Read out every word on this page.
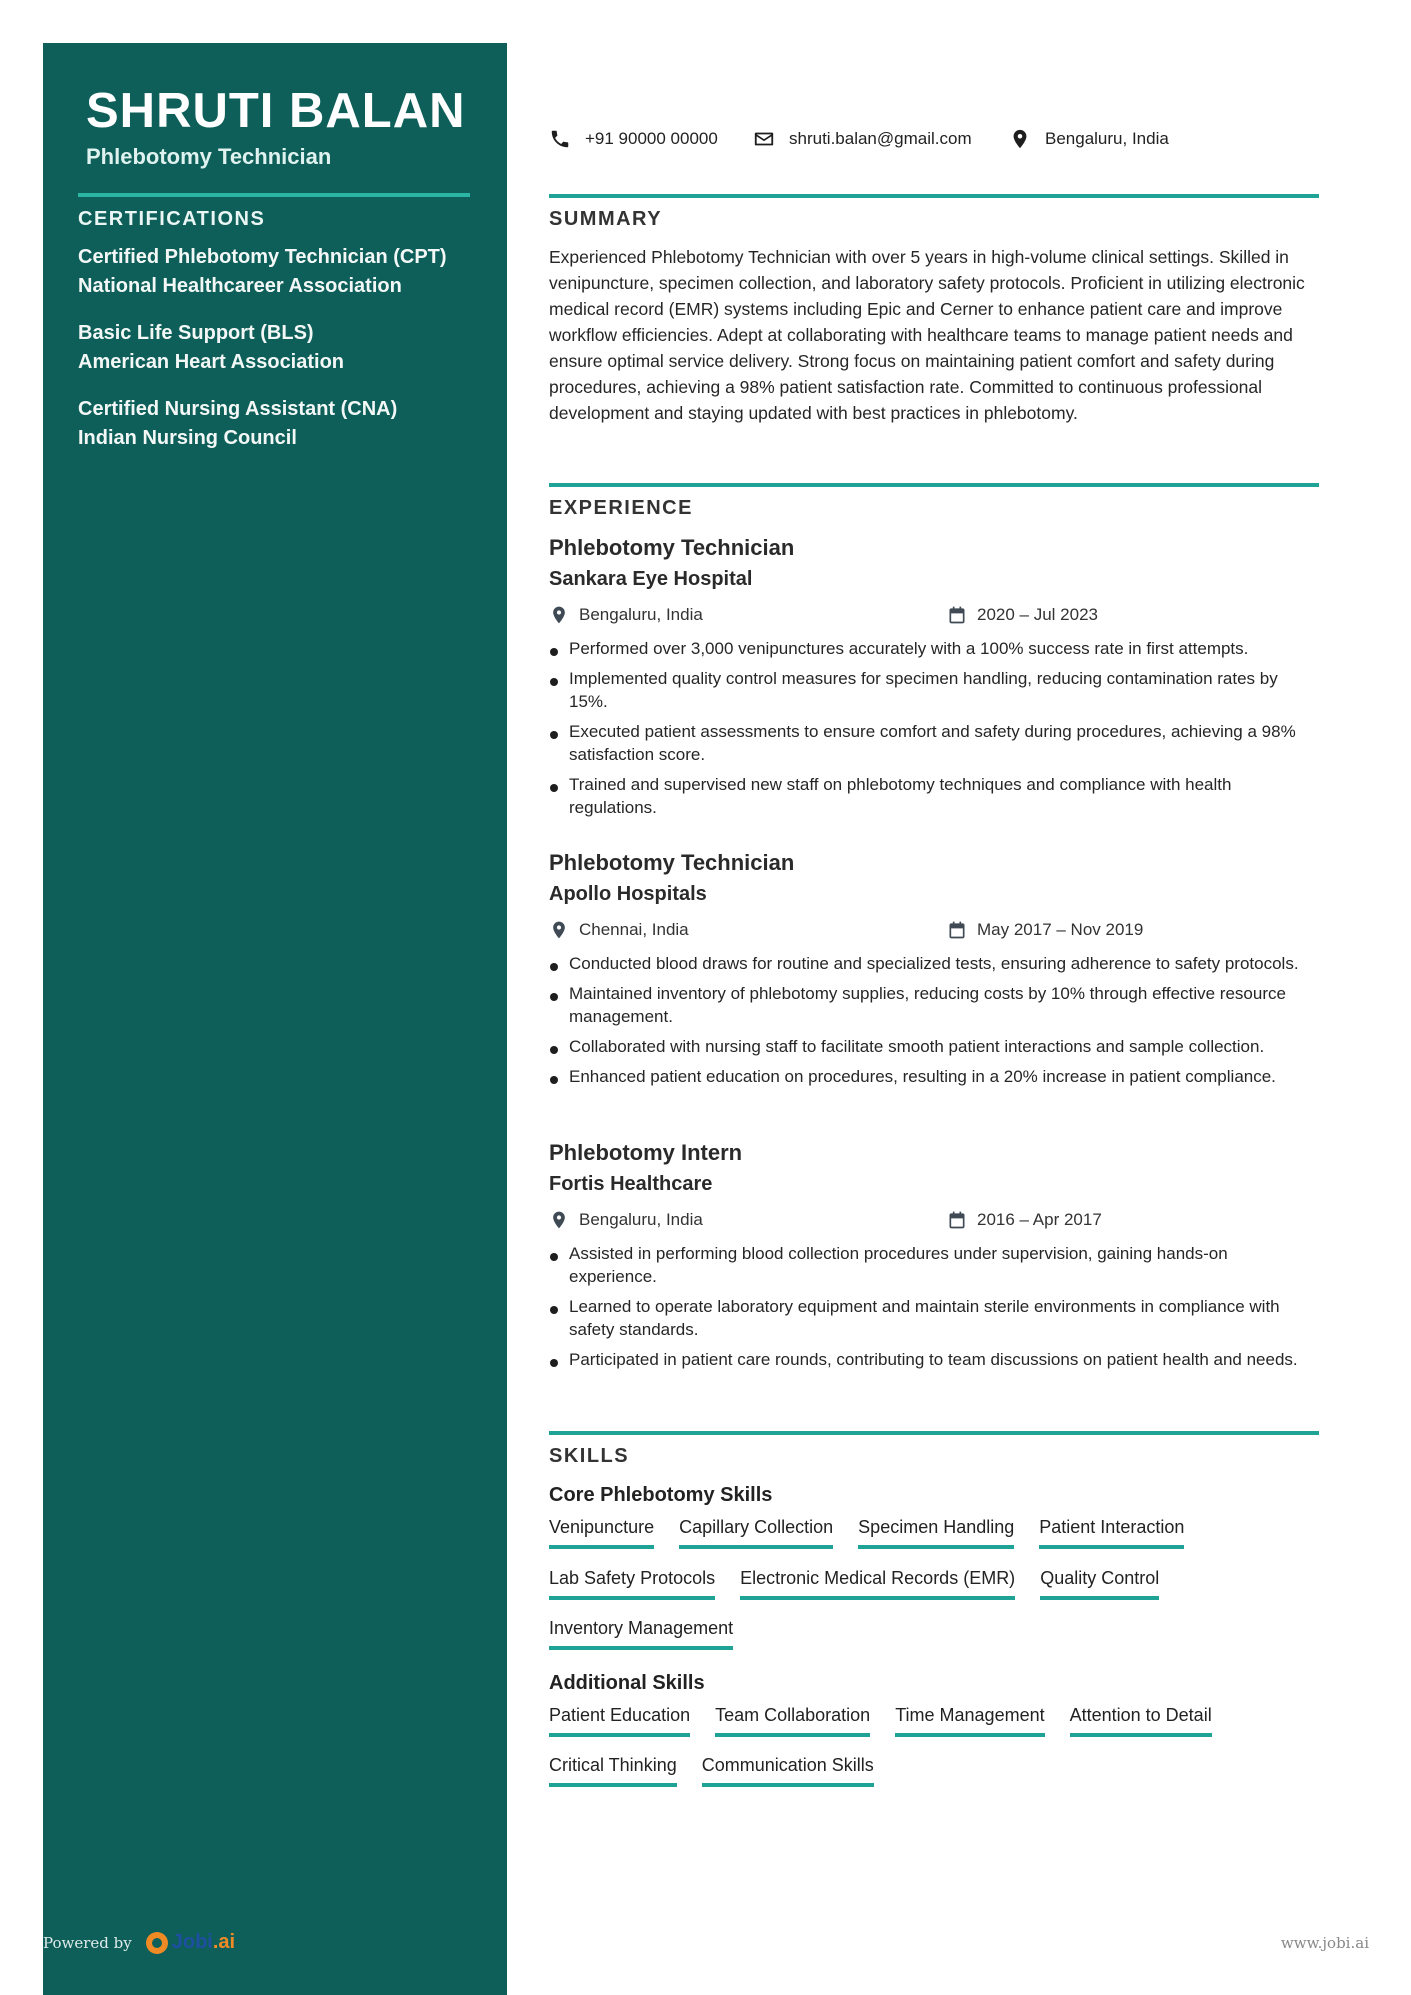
SHRUTI BALAN
Phlebotomy Technician
CERTIFICATIONS
Certified Phlebotomy Technician (CPT)
National Healthcareer Association
Basic Life Support (BLS)
American Heart Association
Certified Nursing Assistant (CNA)
Indian Nursing Council
+91 90000 00000	shruti.balan@gmail.com	Bengaluru, India
SUMMARY

Experienced Phlebotomy Technician with over 5 years in high-volume clinical settings. Skilled in venipuncture, specimen collection, and laboratory safety protocols. Proficient in utilizing electronic medical record (EMR) systems including Epic and Cerner to enhance patient care and improve workflow efficiencies. Adept at collaborating with healthcare teams to manage patient needs and ensure optimal service delivery. Strong focus on maintaining patient comfort and safety during procedures, achieving a 98% patient satisfaction rate. Committed to continuous professional development and staying updated with best practices in phlebotomy.

EXPERIENCE
Phlebotomy Technician
Sankara Eye Hospital
Bengaluru, India	2020 – Jul 2023
Performed over 3,000 venipunctures accurately with a 100% success rate in first attempts.
Implemented quality control measures for specimen handling, reducing contamination rates by 15%.
Executed patient assessments to ensure comfort and safety during procedures, achieving a 98% satisfaction score.
Trained and supervised new staff on phlebotomy techniques and compliance with health regulations.
Phlebotomy Technician
Apollo Hospitals
Chennai, India	May 2017 – Nov 2019
Conducted blood draws for routine and specialized tests, ensuring adherence to safety protocols.
Maintained inventory of phlebotomy supplies, reducing costs by 10% through effective resource management.
Collaborated with nursing staff to facilitate smooth patient interactions and sample collection.
Enhanced patient education on procedures, resulting in a 20% increase in patient compliance.
Phlebotomy Intern
Fortis Healthcare
Bengaluru, India	2016 – Apr 2017
Assisted in performing blood collection procedures under supervision, gaining hands-on experience.
Learned to operate laboratory equipment and maintain sterile environments in compliance with safety standards.
Participated in patient care rounds, contributing to team discussions on patient health and needs.
SKILLS
Core Phlebotomy Skills
Venipuncture Capillary Collection Specimen Handling Patient Interaction
Lab Safety Protocols Electronic Medical Records (EMR) Quality Control
Inventory Management
Additional Skills
Patient Education Team Collaboration Time Management Attention to Detail
Critical Thinking Communication Skills
Powered by Jobi .ai	www.jobi.ai
